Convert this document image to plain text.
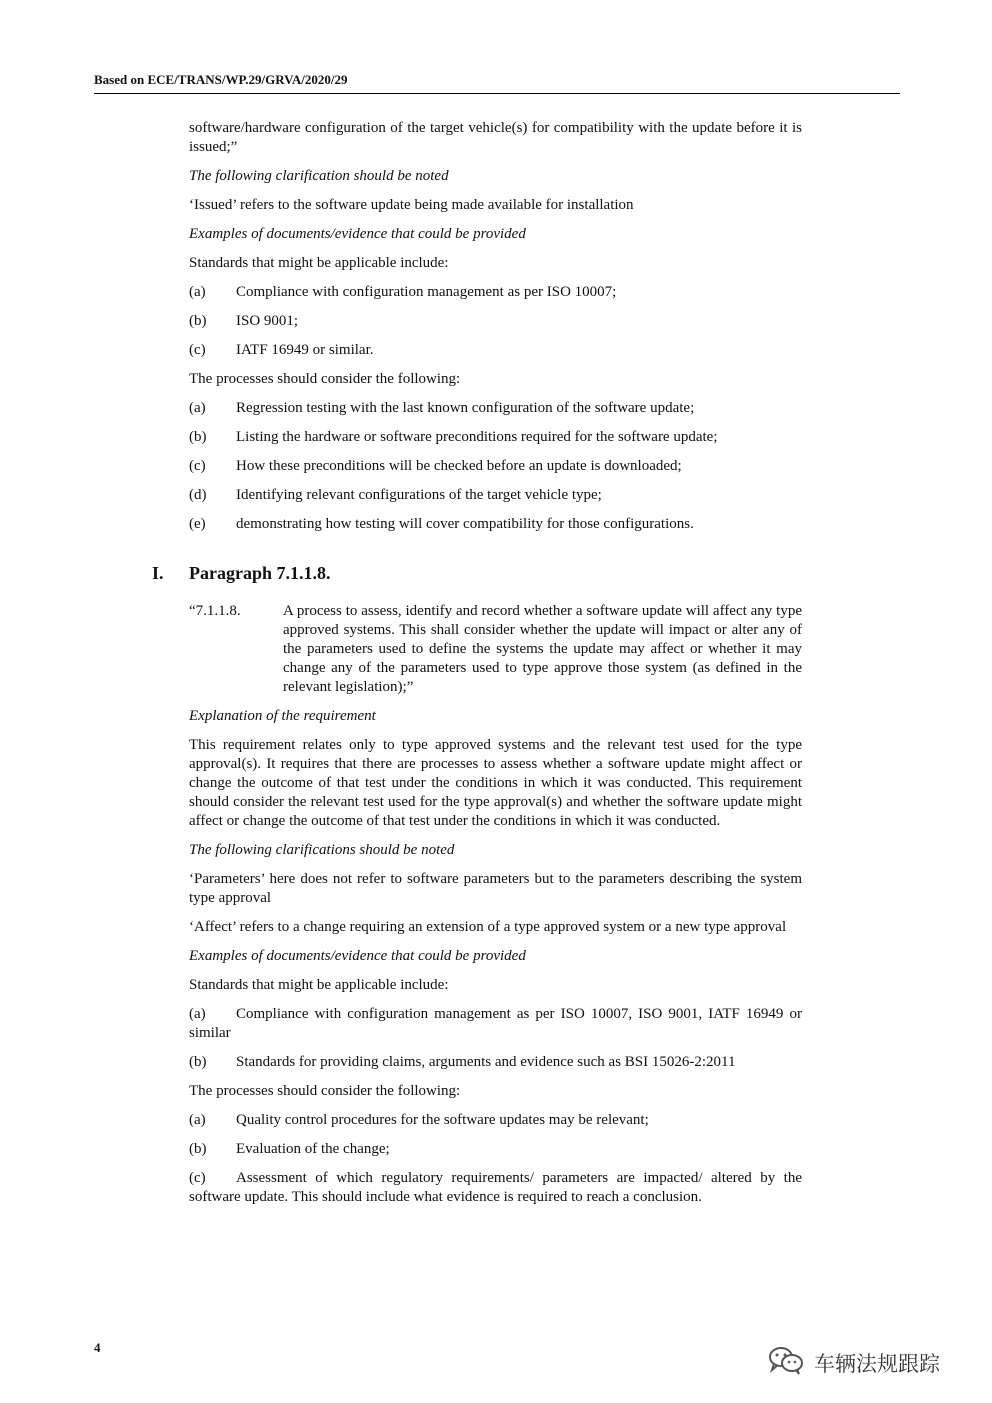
Based on ECE/TRANS/WP.29/GRVA/2020/29

software/hardware configuration of the target vehicle(s) for compatibility with the update before it is issued;”

The following clarification should be noted

‘Issued’ refers to the software update being made available for installation

Examples of documents/evidence that could be provided

Standards that might be applicable include:

(a) Compliance with configuration management as per ISO 10007;
(b) ISO 9001;
(c) IATF 16949 or similar.

The processes should consider the following:

(a) Regression testing with the last known configuration of the software update;
(b) Listing the hardware or software preconditions required for the software update;
(c) How these preconditions will be checked before an update is downloaded;
(d) Identifying relevant configurations of the target vehicle type;
(e) demonstrating how testing will cover compatibility for those configurations.
I. Paragraph 7.1.1.8.
“7.1.1.8.	A process to assess, identify and record whether a software update will affect any type approved systems. This shall consider whether the update will impact or alter any of the parameters used to define the systems the update may affect or whether it may change any of the parameters used to type approve those system (as defined in the relevant legislation);”

Explanation of the requirement

This requirement relates only to type approved systems and the relevant test used for the type approval(s). It requires that there are processes to assess whether a software update might affect or change the outcome of that test under the conditions in which it was conducted. This requirement should consider the relevant test used for the type approval(s) and whether the software update might affect or change the outcome of that test under the conditions in which it was conducted.

The following clarifications should be noted

‘Parameters’ here does not refer to software parameters but to the parameters describing the system type approval

‘Affect’ refers to a change requiring an extension of a type approved system or a new type approval

Examples of documents/evidence that could be provided

Standards that might be applicable include:

(a) Compliance with configuration management as per ISO 10007, ISO 9001, IATF 16949 or similar
(b) Standards for providing claims, arguments and evidence such as BSI 15026-2:2011

The processes should consider the following:

(a) Quality control procedures for the software updates may be relevant;
(b) Evaluation of the change;
(c) Assessment of which regulatory requirements/ parameters are impacted/ altered by the software update. This should include what evidence is required to reach a conclusion.
4
车辆法规跟踪
